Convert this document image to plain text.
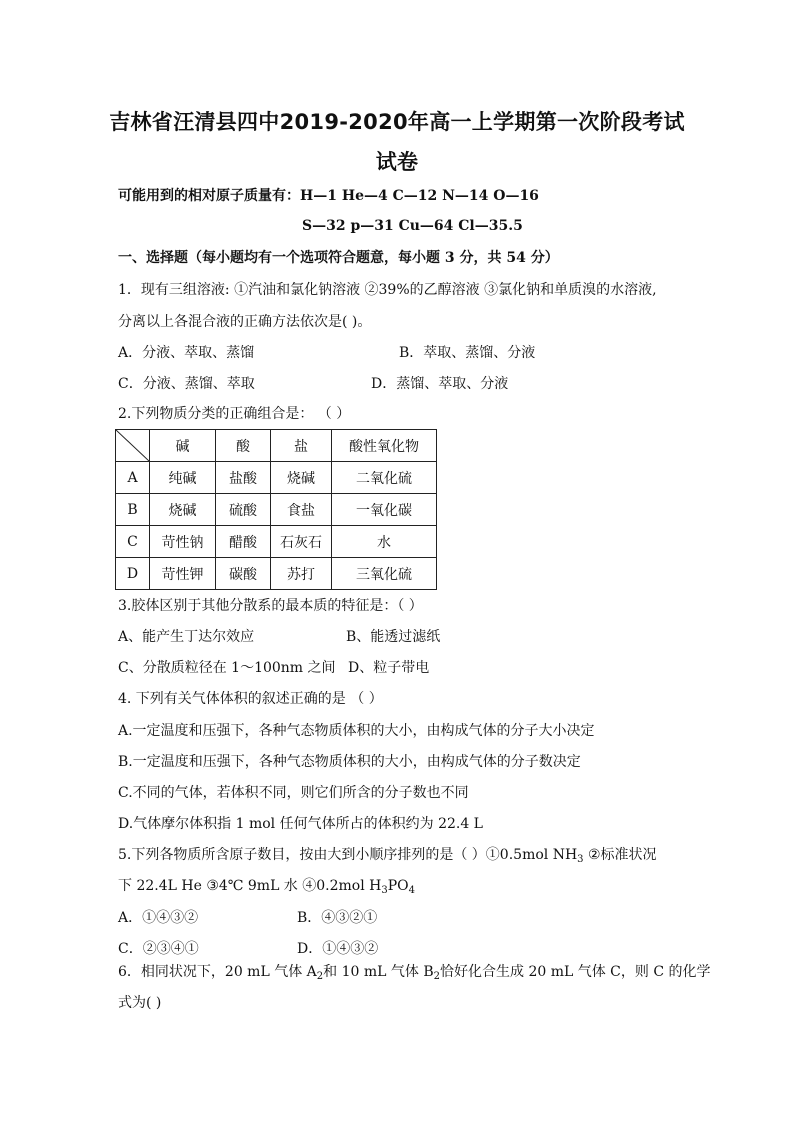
吉林省汪清县四中2019-2020年高一上学期第一次阶段考试
试卷
可能用到的相对原子质量有：H—1 He—4 C—12 N—14 O—16
S—32 p—31 Cu—64 Cl—35.5
一、选择题（每小题均有一个选项符合题意，每小题 3 分，共 54 分）
1．现有三组溶液: ①汽油和氯化钠溶液 ②39%的乙醇溶液 ③氯化钠和单质溴的水溶液,
分离以上各混合液的正确方法依次是( )。
A．分液、萃取、蒸馏	B．萃取、蒸馏、分液
C．分液、蒸馏、萃取	D．蒸馏、萃取、分液
2.下列物质分类的正确组合是： （ ）
	碱	酸	盐	酸性氧化物
A	纯碱	盐酸	烧碱	二氧化硫
B	烧碱	硫酸	食盐	一氧化碳
C	苛性钠	醋酸	石灰石	水
D	苛性钾	碳酸	苏打	三氧化硫
3.胶体区别于其他分散系的最本质的特征是：（ ）
A、能产生丁达尔效应	B、能透过滤纸
C、分散质粒径在 1～100nm 之间 D、粒子带电
4. 下列有关气体体积的叙述正确的是 （ ）
A.一定温度和压强下，各种气态物质体积的大小，由构成气体的分子大小决定
B.一定温度和压强下，各种气态物质体积的大小，由构成气体的分子数决定
C.不同的气体，若体积不同，则它们所含的分子数也不同
D.气体摩尔体积指 1 mol 任何气体所占的体积约为 22.4 L
5.下列各物质所含原子数目，按由大到小顺序排列的是（ ）①0.5mol $NH_3$ ②标准状况
下 22.4L He ③4℃ 9mL 水 ④0.2mol $H_3PO_4$
A．①④③②	B．④③②①
C．②③④①	D．①④③②
6．相同状况下，20 mL 气体 $A_2$和 10 mL 气体 $B_2$恰好化合生成 20 mL 气体 C，则 C 的化学
式为( )
